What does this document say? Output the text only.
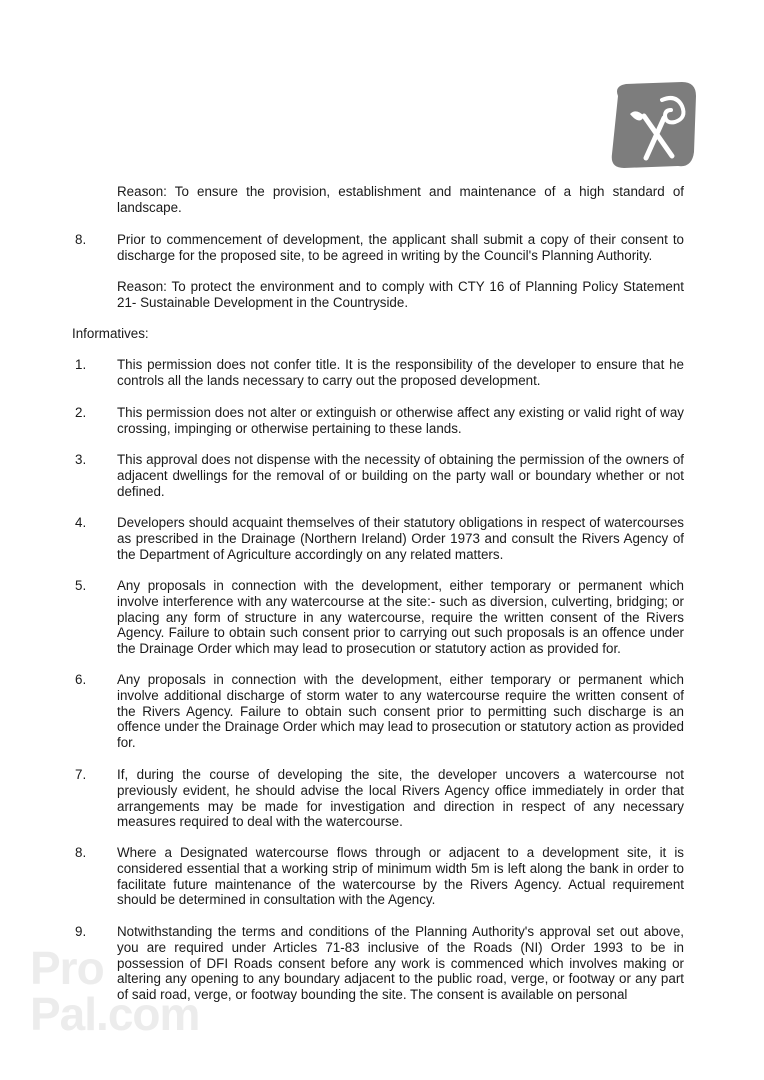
Reason: To ensure the provision, establishment and maintenance of a high standard of landscape.

8. Prior to commencement of development, the applicant shall submit a copy of their consent to discharge for the proposed site, to be agreed in writing by the Council's Planning Authority.

Reason: To protect the environment and to comply with CTY 16 of Planning Policy Statement 21- Sustainable Development in the Countryside.

Informatives:
1. This permission does not confer title. It is the responsibility of the developer to ensure that he controls all the lands necessary to carry out the proposed development.

2. This permission does not alter or extinguish or otherwise affect any existing or valid right of way crossing, impinging or otherwise pertaining to these lands.

3. This approval does not dispense with the necessity of obtaining the permission of the owners of adjacent dwellings for the removal of or building on the party wall or boundary whether or not defined.

4. Developers should acquaint themselves of their statutory obligations in respect of watercourses as prescribed in the Drainage (Northern Ireland) Order 1973 and consult the Rivers Agency of the Department of Agriculture accordingly on any related matters.

5. Any proposals in connection with the development, either temporary or permanent which involve interference with any watercourse at the site:- such as diversion, culverting, bridging; or placing any form of structure in any watercourse, require the written consent of the Rivers Agency. Failure to obtain such consent prior to carrying out such proposals is an offence under the Drainage Order which may lead to prosecution or statutory action as provided for.

6. Any proposals in connection with the development, either temporary or permanent which involve additional discharge of storm water to any watercourse require the written consent of the Rivers Agency. Failure to obtain such consent prior to permitting such discharge is an offence under the Drainage Order which may lead to prosecution or statutory action as provided for.

7. If, during the course of developing the site, the developer uncovers a watercourse not previously evident, he should advise the local Rivers Agency office immediately in order that arrangements may be made for investigation and direction in respect of any necessary measures required to deal with the watercourse.

8. Where a Designated watercourse flows through or adjacent to a development site, it is considered essential that a working strip of minimum width 5m is left along the bank in order to facilitate future maintenance of the watercourse by the Rivers Agency. Actual requirement should be determined in consultation with the Agency.

9. Notwithstanding the terms and conditions of the Planning Authority's approval set out above, you are required under Articles 71-83 inclusive of the Roads (NI) Order 1993 to be in possession of DFI Roads consent before any work is commenced which involves making or altering any opening to any boundary adjacent to the public road, verge, or footway or any part of said road, verge, or footway bounding the site. The consent is available on personal

Pro
Pal.com
